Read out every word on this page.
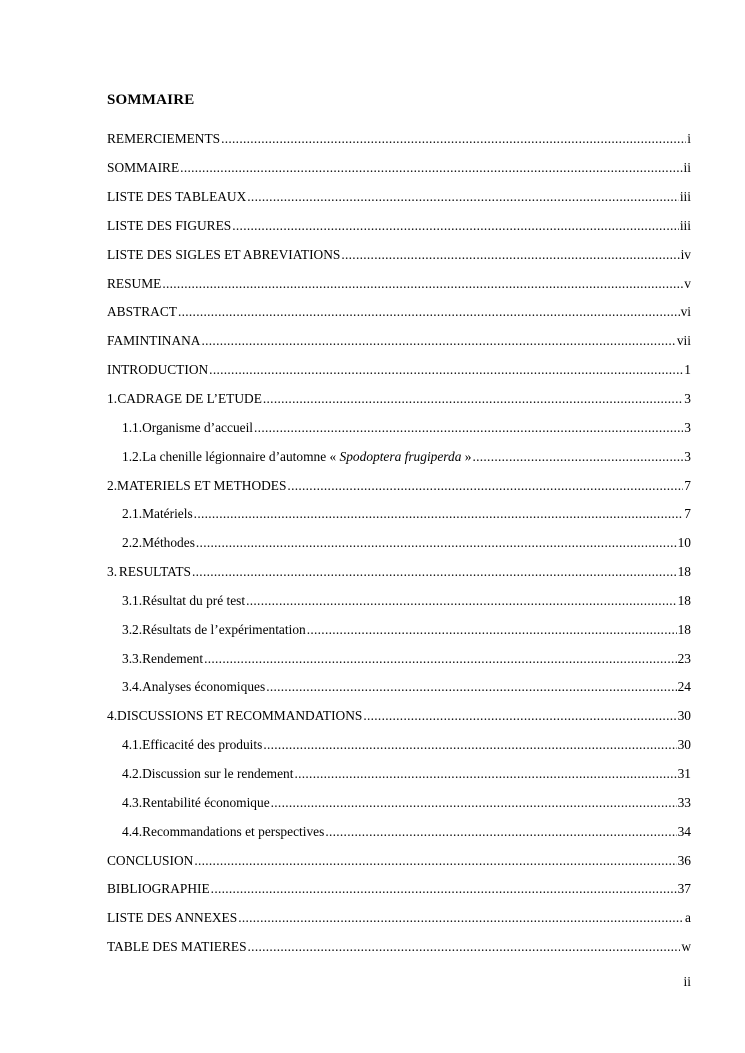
SOMMAIRE
REMERCIEMENTS .....	i
SOMMAIRE .....	ii
LISTE DES TABLEAUX .....	iii
LISTE DES FIGURES .....	iii
LISTE DES SIGLES ET ABREVIATIONS .....	iv
RESUME .....	v
ABSTRACT .....	vi
FAMINTINANA .....	vii
INTRODUCTION .....	1
1. CADRAGE DE L’ETUDE .....	3
1.1. Organisme d’accueil .....	3
1.2. La chenille légionnaire d’automne « Spodoptera frugiperda » .....	3
2. MATERIELS ET METHODES .....	7
2.1. Matériels .....	7
2.2. Méthodes .....	10
3. RESULTATS .....	18
3.1. Résultat du pré test .....	18
3.2. Résultats de l’expérimentation .....	18
3.3. Rendement .....	23
3.4. Analyses économiques .....	24
4. DISCUSSIONS ET RECOMMANDATIONS .....	30
4.1. Efficacité des produits .....	30
4.2. Discussion sur le rendement .....	31
4.3. Rentabilité économique .....	33
4.4. Recommandations et perspectives .....	34
CONCLUSION .....	36
BIBLIOGRAPHIE .....	37
LISTE DES ANNEXES .....	a
TABLE DES MATIERES .....	w
ii
